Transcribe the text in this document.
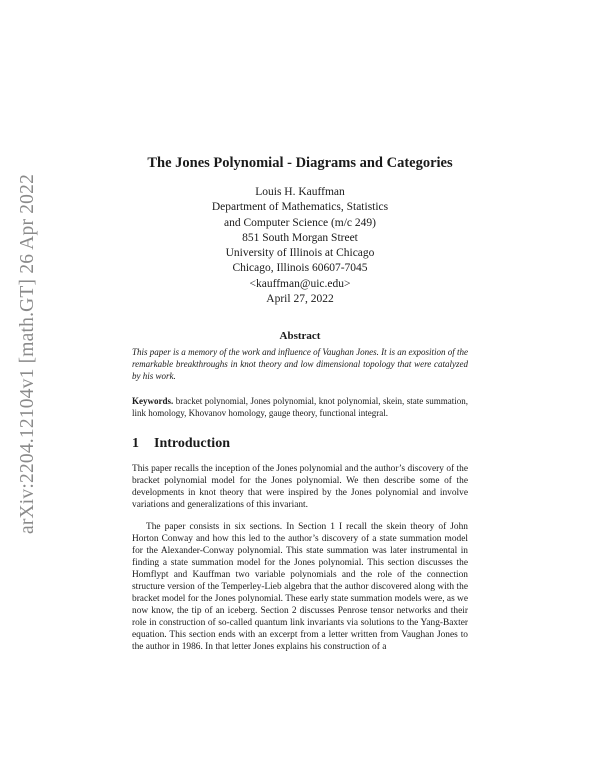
arXiv:2204.12104v1 [math.GT] 26 Apr 2022
The Jones Polynomial - Diagrams and Categories
Louis H. Kauffman
Department of Mathematics, Statistics
and Computer Science (m/c 249)
851 South Morgan Street
University of Illinois at Chicago
Chicago, Illinois 60607-7045
<kauffman@uic.edu>
April 27, 2022
Abstract

This paper is a memory of the work and influence of Vaughan Jones. It is an exposition of the remarkable breakthroughs in knot theory and low dimensional topology that were catalyzed by his work.

Keywords. bracket polynomial, Jones polynomial, knot polynomial, skein, state summation, link homology, Khovanov homology, gauge theory, functional integral.

1 Introduction

This paper recalls the inception of the Jones polynomial and the author’s discovery of the bracket polynomial model for the Jones polynomial. We then describe some of the developments in knot theory that were inspired by the Jones polynomial and involve variations and generalizations of this invariant.

The paper consists in six sections. In Section 1 I recall the skein theory of John Horton Conway and how this led to the author’s discovery of a state summation model for the Alexander-Conway polynomial. This state summation was later instrumental in finding a state summation model for the Jones polynomial. This section discusses the Homflypt and Kauffman two variable polynomials and the role of the connection structure version of the Temperley-Lieb algebra that the author discovered along with the bracket model for the Jones polynomial. These early state summation models were, as we now know, the tip of an iceberg. Section 2 discusses Penrose tensor networks and their role in construction of so-called quantum link invariants via solutions to the Yang-Baxter equation. This section ends with an excerpt from a letter written from Vaughan Jones to the author in 1986. In that letter Jones explains his construction of a
